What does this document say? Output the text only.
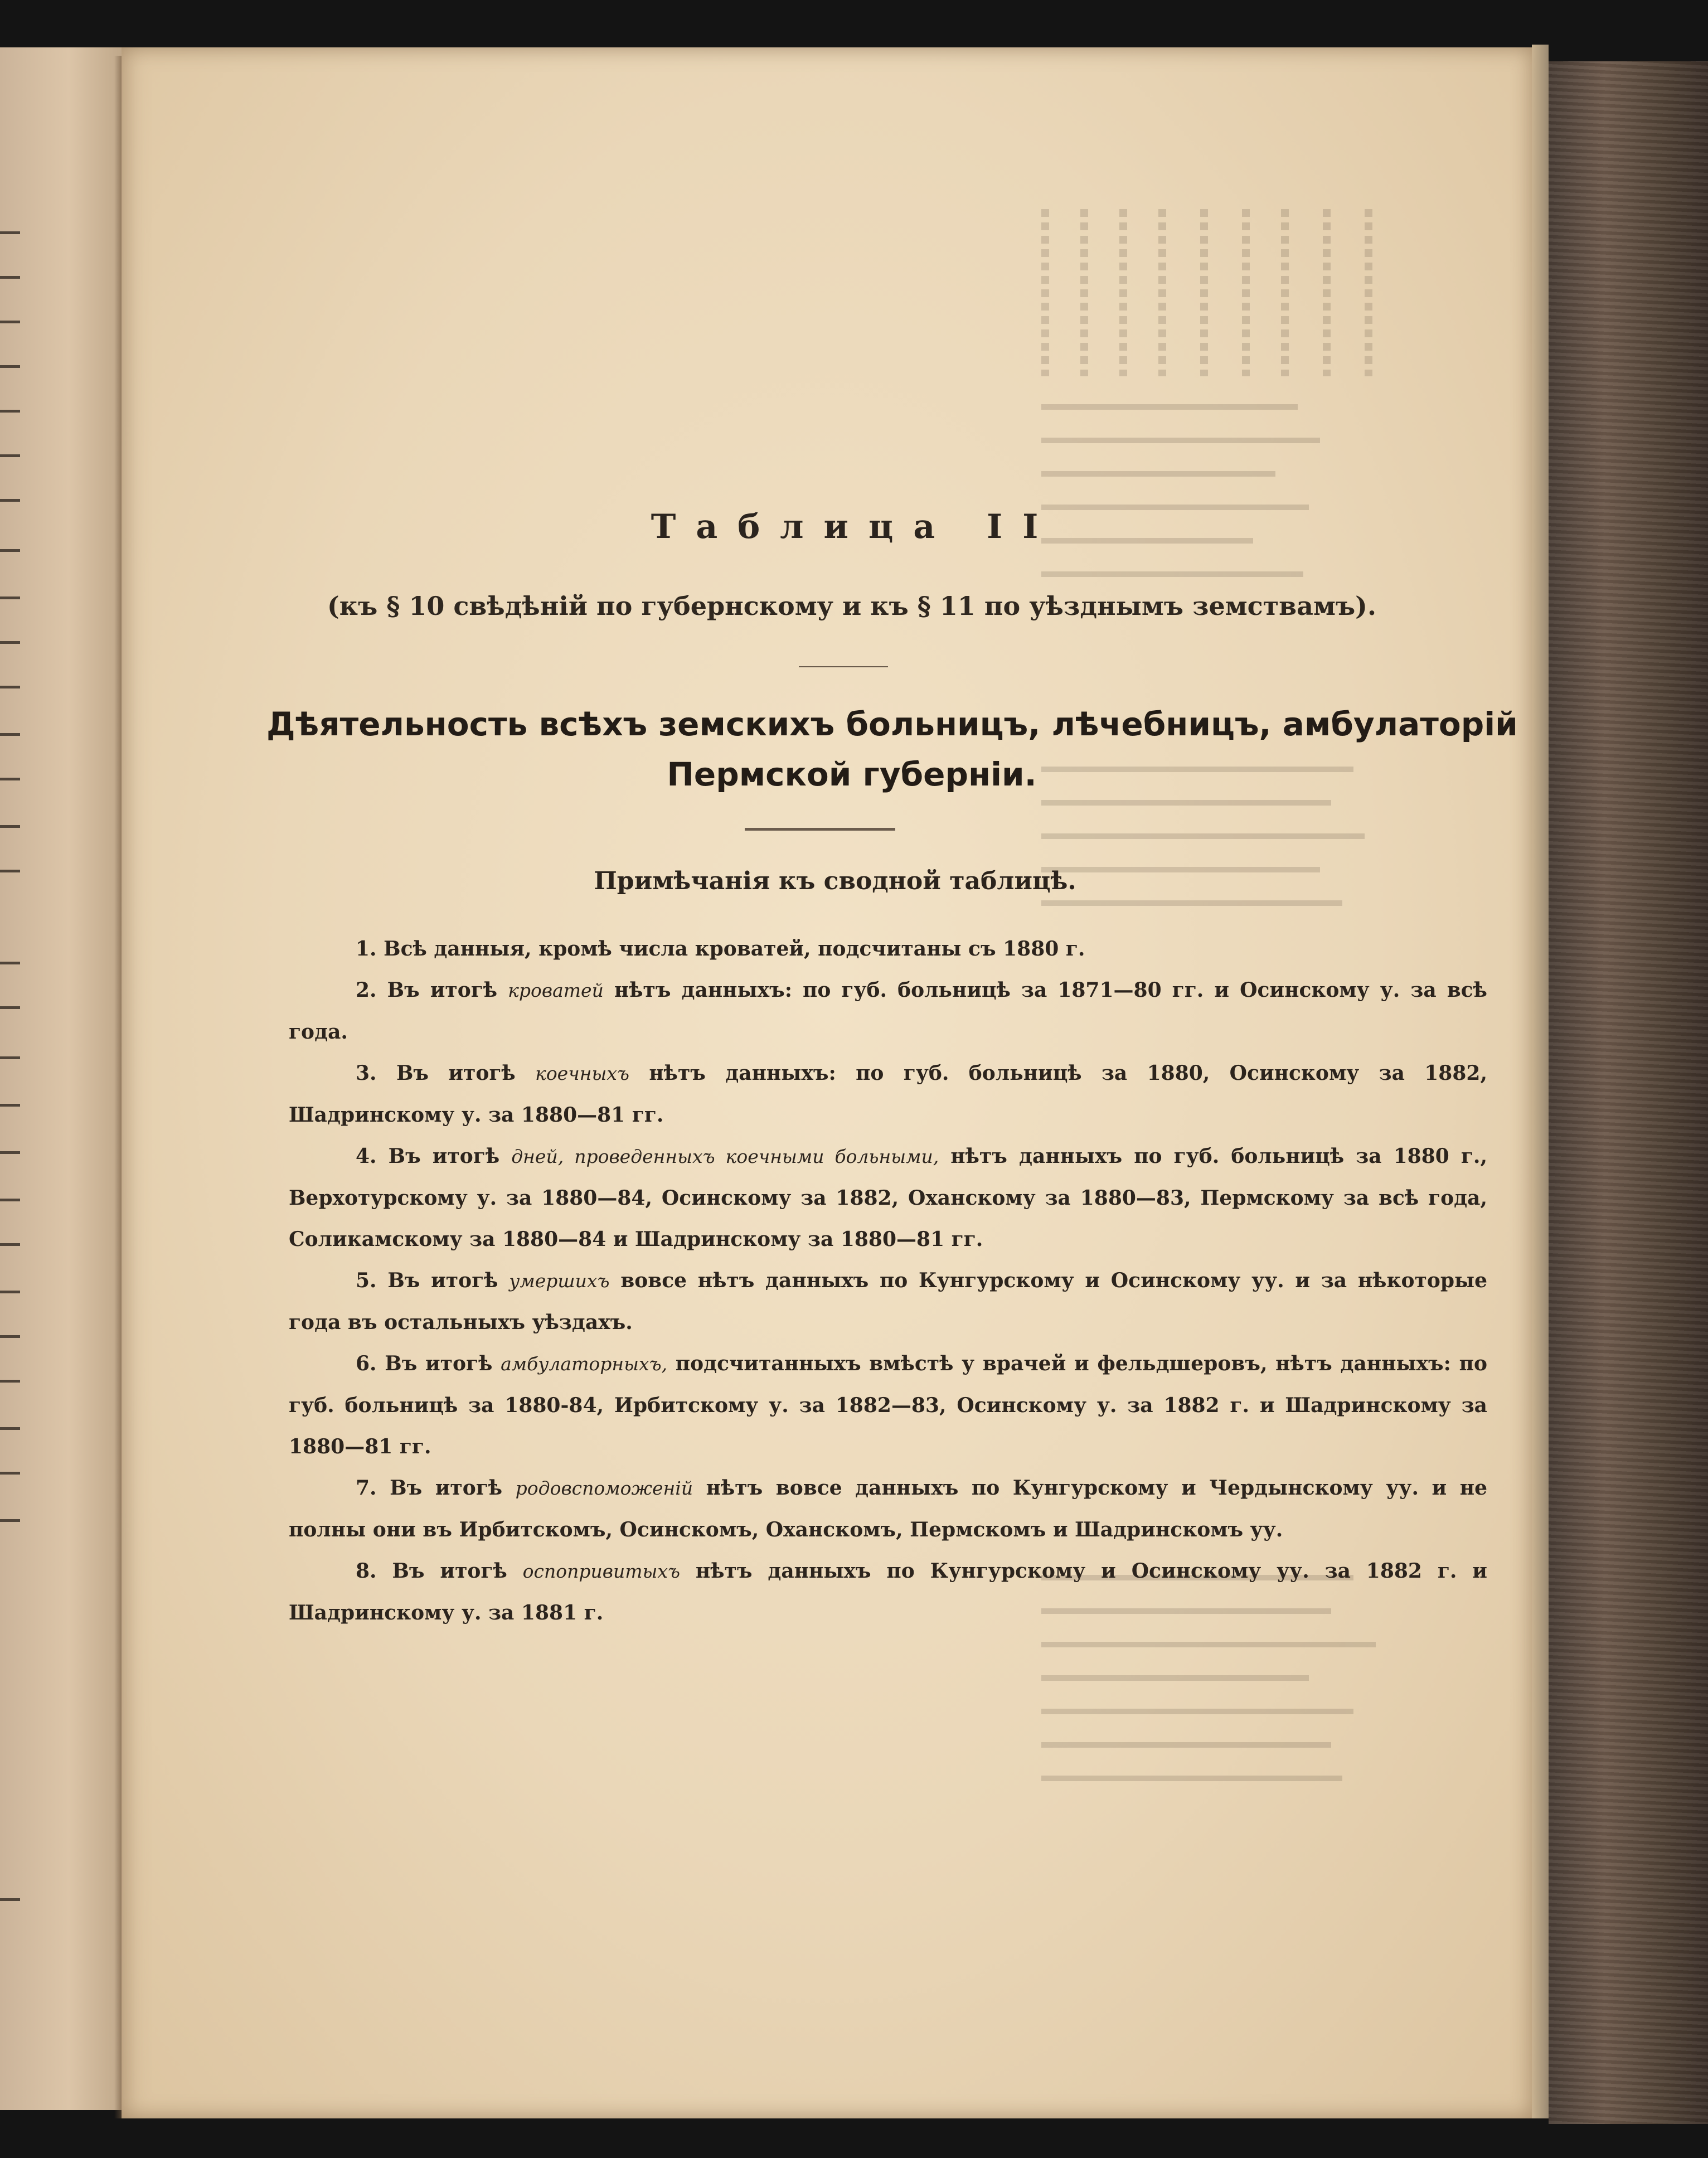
Таблица II
(къ § 10 свѣдѣній по губернскому и къ § 11 по уѣзднымъ земствамъ).
Дѣятельность всѣхъ земскихъ больницъ, лѣчебницъ, амбулаторій
Пермской губерніи.
Примѣчанія къ сводной таблицѣ.
1. Всѣ данныя, кромѣ числа кроватей, подсчитаны съ 1880 г.
2. Въ итогѣ кроватей нѣтъ данныхъ: по губ. больницѣ за 1871—80 гг. и Осинскому у. за всѣ года.
3. Въ итогѣ коечныхъ нѣтъ данныхъ: по губ. больницѣ за 1880, Осинскому за 1882, Шадринскому у. за 1880—81 гг.
4. Въ итогѣ дней, проведенныхъ коечными больными, нѣтъ данныхъ по губ. больницѣ за 1880 г., Верхотурскому у. за 1880—84, Осинскому за 1882, Оханскому за 1880—83, Пермскому за всѣ года, Соликамскому за 1880—84 и Шадринскому за 1880—81 гг.
5. Въ итогѣ умершихъ вовсе нѣтъ данныхъ по Кунгурскому и Осинскому уу. и за нѣкоторые года въ остальныхъ уѣздахъ.
6. Въ итогѣ амбулаторныхъ, подсчитанныхъ вмѣстѣ у врачей и фельдшеровъ, нѣтъ данныхъ: по губ. больницѣ за 1880-84, Ирбитскому у. за 1882—83, Осинскому у. за 1882 г. и Шадринскому за 1880—81 гг.
7. Въ итогѣ родовспоможеній нѣтъ вовсе данныхъ по Кунгурскому и Чердынскому уу. и не полны они въ Ирбитскомъ, Осинскомъ, Оханскомъ, Пермскомъ и Шадринскомъ уу.
8. Въ итогѣ оспопривитыхъ нѣтъ данныхъ по Кунгурскому и Осинскому уу. за 1882 г. и Шадринскому у. за 1881 г.
